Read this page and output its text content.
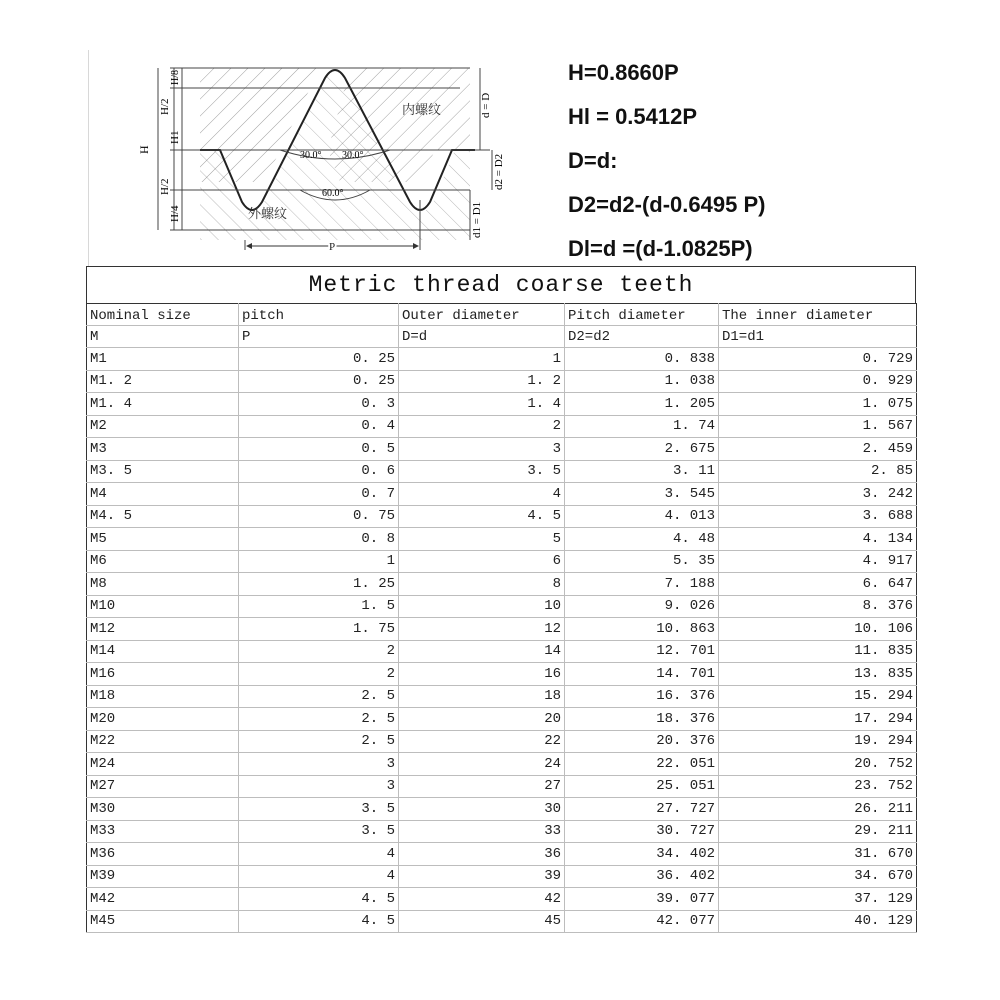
H
H/2
H/8
H1
H/2
H/4
内螺纹
外螺纹
30.0° 30.0°
60.0°
d = D
d2 = D2
d1 = D1
P
H=0.8660P
Hl = 0.5412P
D=d:
D2=d2-(d-0.6495 P)
Dl=d =(d-1.0825P)
Metric thread coarse teeth
Nominal size	pitch	Outer diameter	Pitch diameter	The inner diameter
M	P	D=d	D2=d2	D1=d1
M1	0. 25	1	0. 838	0. 729
M1. 2	0. 25	1. 2	1. 038	0. 929
M1. 4	0. 3	1. 4	1. 205	1. 075
M2	0. 4	2	1. 74	1. 567
M3	0. 5	3	2. 675	2. 459
M3. 5	0. 6	3. 5	3. 11	2. 85
M4	0. 7	4	3. 545	3. 242
M4. 5	0. 75	4. 5	4. 013	3. 688
M5	0. 8	5	4. 48	4. 134
M6	1	6	5. 35	4. 917
M8	1. 25	8	7. 188	6. 647
M10	1. 5	10	9. 026	8. 376
M12	1. 75	12	10. 863	10. 106
M14	2	14	12. 701	11. 835
M16	2	16	14. 701	13. 835
M18	2. 5	18	16. 376	15. 294
M20	2. 5	20	18. 376	17. 294
M22	2. 5	22	20. 376	19. 294
M24	3	24	22. 051	20. 752
M27	3	27	25. 051	23. 752
M30	3. 5	30	27. 727	26. 211
M33	3. 5	33	30. 727	29. 211
M36	4	36	34. 402	31. 670
M39	4	39	36. 402	34. 670
M42	4. 5	42	39. 077	37. 129
M45	4. 5	45	42. 077	40. 129
